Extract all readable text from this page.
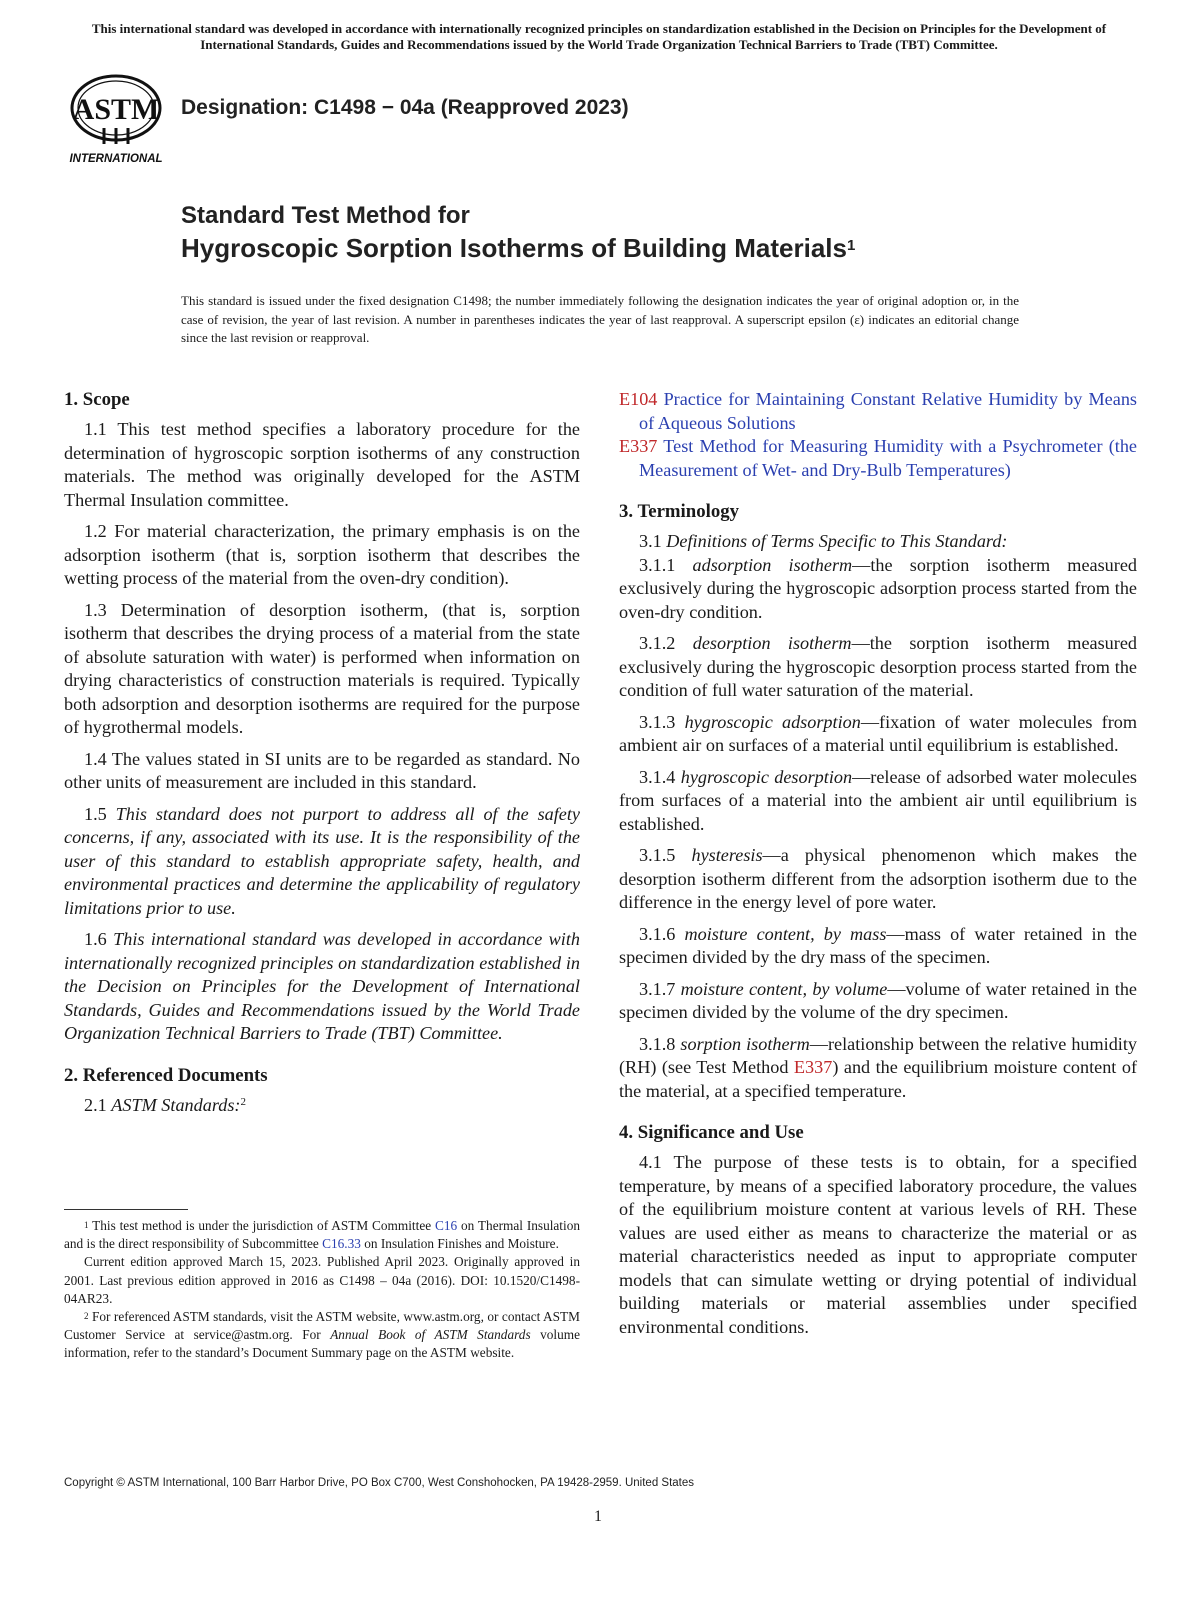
This international standard was developed in accordance with internationally recognized principles on standardization established in the Decision on Principles for the Development of International Standards, Guides and Recommendations issued by the World Trade Organization Technical Barriers to Trade (TBT) Committee.
ASTM
INTERNATIONAL
Designation: C1498 − 04a (Reapproved 2023)
Standard Test Method for
Hygroscopic Sorption Isotherms of Building Materials$^1$
This standard is issued under the fixed designation C1498; the number immediately following the designation indicates the year of original adoption or, in the case of revision, the year of last revision. A number in parentheses indicates the year of last reapproval. A superscript epsilon (ε) indicates an editorial change since the last revision or reapproval.
1. Scope

1.1 This test method specifies a laboratory procedure for the determination of hygroscopic sorption isotherms of any construction materials. The method was originally developed for the ASTM Thermal Insulation committee.

1.2 For material characterization, the primary emphasis is on the adsorption isotherm (that is, sorption isotherm that describes the wetting process of the material from the oven-dry condition).

1.3 Determination of desorption isotherm, (that is, sorption isotherm that describes the drying process of a material from the state of absolute saturation with water) is performed when information on drying characteristics of construction materials is required. Typically both adsorption and desorption isotherms are required for the purpose of hygrothermal models.

1.4 The values stated in SI units are to be regarded as standard. No other units of measurement are included in this standard.

1.5 This standard does not purport to address all of the safety concerns, if any, associated with its use. It is the responsibility of the user of this standard to establish appropriate safety, health, and environmental practices and determine the applicability of regulatory limitations prior to use.

1.6 This international standard was developed in accordance with internationally recognized principles on standardization established in the Decision on Principles for the Development of International Standards, Guides and Recommendations issued by the World Trade Organization Technical Barriers to Trade (TBT) Committee.

2. Referenced Documents

2.1 ASTM Standards:$^2$

E104 Practice for Maintaining Constant Relative Humidity by Means of Aqueous Solutions
E337 Test Method for Measuring Humidity with a Psychrometer (the Measurement of Wet- and Dry-Bulb Temperatures)
3. Terminology

3.1 Definitions of Terms Specific to This Standard:

3.1.1 adsorption isotherm—the sorption isotherm measured exclusively during the hygroscopic adsorption process started from the oven-dry condition.

3.1.2 desorption isotherm—the sorption isotherm measured exclusively during the hygroscopic desorption process started from the condition of full water saturation of the material.

3.1.3 hygroscopic adsorption—fixation of water molecules from ambient air on surfaces of a material until equilibrium is established.

3.1.4 hygroscopic desorption—release of adsorbed water molecules from surfaces of a material into the ambient air until equilibrium is established.

3.1.5 hysteresis—a physical phenomenon which makes the desorption isotherm different from the adsorption isotherm due to the difference in the energy level of pore water.

3.1.6 moisture content, by mass—mass of water retained in the specimen divided by the dry mass of the specimen.

3.1.7 moisture content, by volume—volume of water retained in the specimen divided by the volume of the dry specimen.

3.1.8 sorption isotherm—relationship between the relative humidity (RH) (see Test Method E337) and the equilibrium moisture content of the material, at a specified temperature.

4. Significance and Use

4.1 The purpose of these tests is to obtain, for a specified temperature, by means of a specified laboratory procedure, the values of the equilibrium moisture content at various levels of RH. These values are used either as means to characterize the material or as material characteristics needed as input to appropriate computer models that can simulate wetting or drying potential of individual building materials or material assemblies under specified environmental conditions.

$^1$ This test method is under the jurisdiction of ASTM Committee C16 on Thermal Insulation and is the direct responsibility of Subcommittee C16.33 on Insulation Finishes and Moisture.

Current edition approved March 15, 2023. Published April 2023. Originally approved in 2001. Last previous edition approved in 2016 as C1498 – 04a (2016). DOI: 10.1520/C1498-04AR23.

$^2$ For referenced ASTM standards, visit the ASTM website, www.astm.org, or contact ASTM Customer Service at service@astm.org. For Annual Book of ASTM Standards volume information, refer to the standard’s Document Summary page on the ASTM website.

Copyright © ASTM International, 100 Barr Harbor Drive, PO Box C700, West Conshohocken, PA 19428-2959. United States
1
